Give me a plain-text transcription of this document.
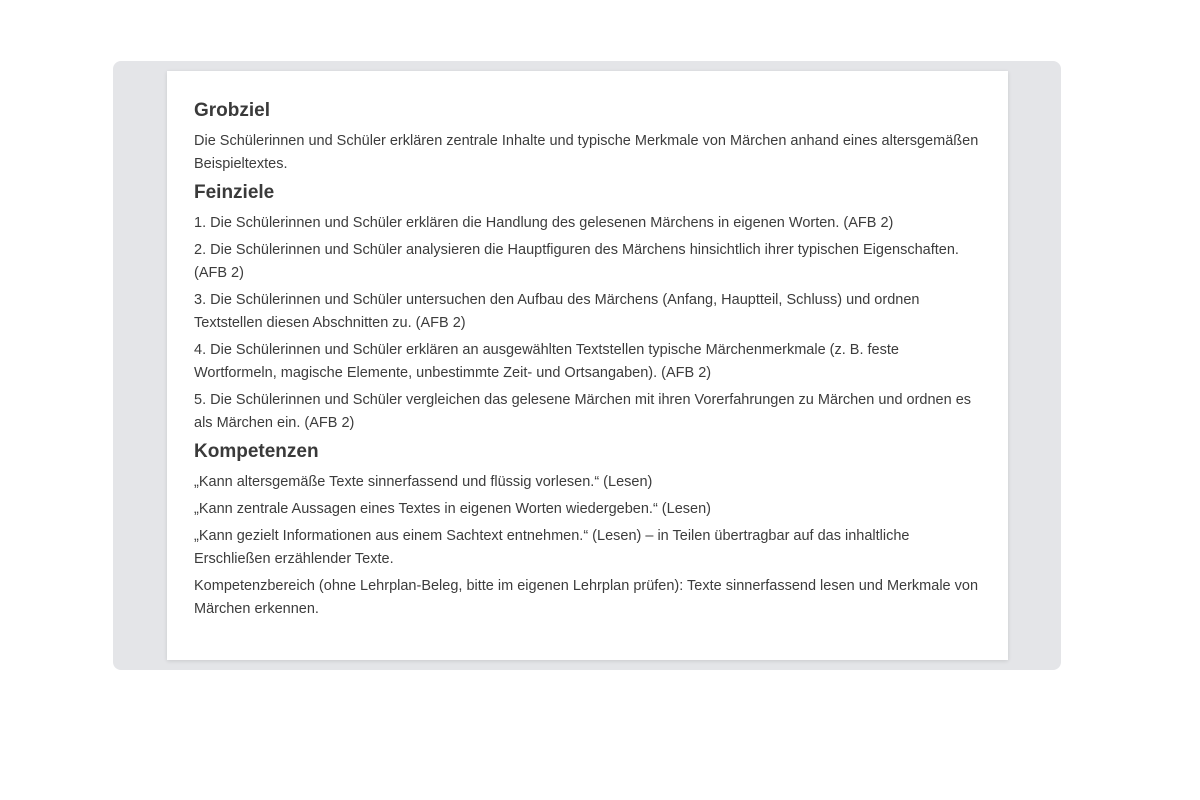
Grobziel

Die Schülerinnen und Schüler erklären zentrale Inhalte und typische Merkmale von Märchen anhand eines altersgemäßen Beispieltextes.

Feinziele

1. Die Schülerinnen und Schüler erklären die Handlung des gelesenen Märchens in eigenen Worten. (AFB 2)

2. Die Schülerinnen und Schüler analysieren die Hauptfiguren des Märchens hinsichtlich ihrer typischen Eigenschaften. (AFB 2)

3. Die Schülerinnen und Schüler untersuchen den Aufbau des Märchens (Anfang, Hauptteil, Schluss) und ordnen Textstellen diesen Abschnitten zu. (AFB 2)

4. Die Schülerinnen und Schüler erklären an ausgewählten Textstellen typische Märchenmerkmale (z. B. feste Wortformeln, magische Elemente, unbestimmte Zeit- und Ortsangaben). (AFB 2)

5. Die Schülerinnen und Schüler vergleichen das gelesene Märchen mit ihren Vorerfahrungen zu Märchen und ordnen es als Märchen ein. (AFB 2)

Kompetenzen

„Kann altersgemäße Texte sinnerfassend und flüssig vorlesen.“ (Lesen)

„Kann zentrale Aussagen eines Textes in eigenen Worten wiedergeben.“ (Lesen)

„Kann gezielt Informationen aus einem Sachtext entnehmen.“ (Lesen) – in Teilen übertragbar auf das inhaltliche Erschließen erzählender Texte.

Kompetenzbereich (ohne Lehrplan-Beleg, bitte im eigenen Lehrplan prüfen): Texte sinnerfassend lesen und Merkmale von Märchen erkennen.
